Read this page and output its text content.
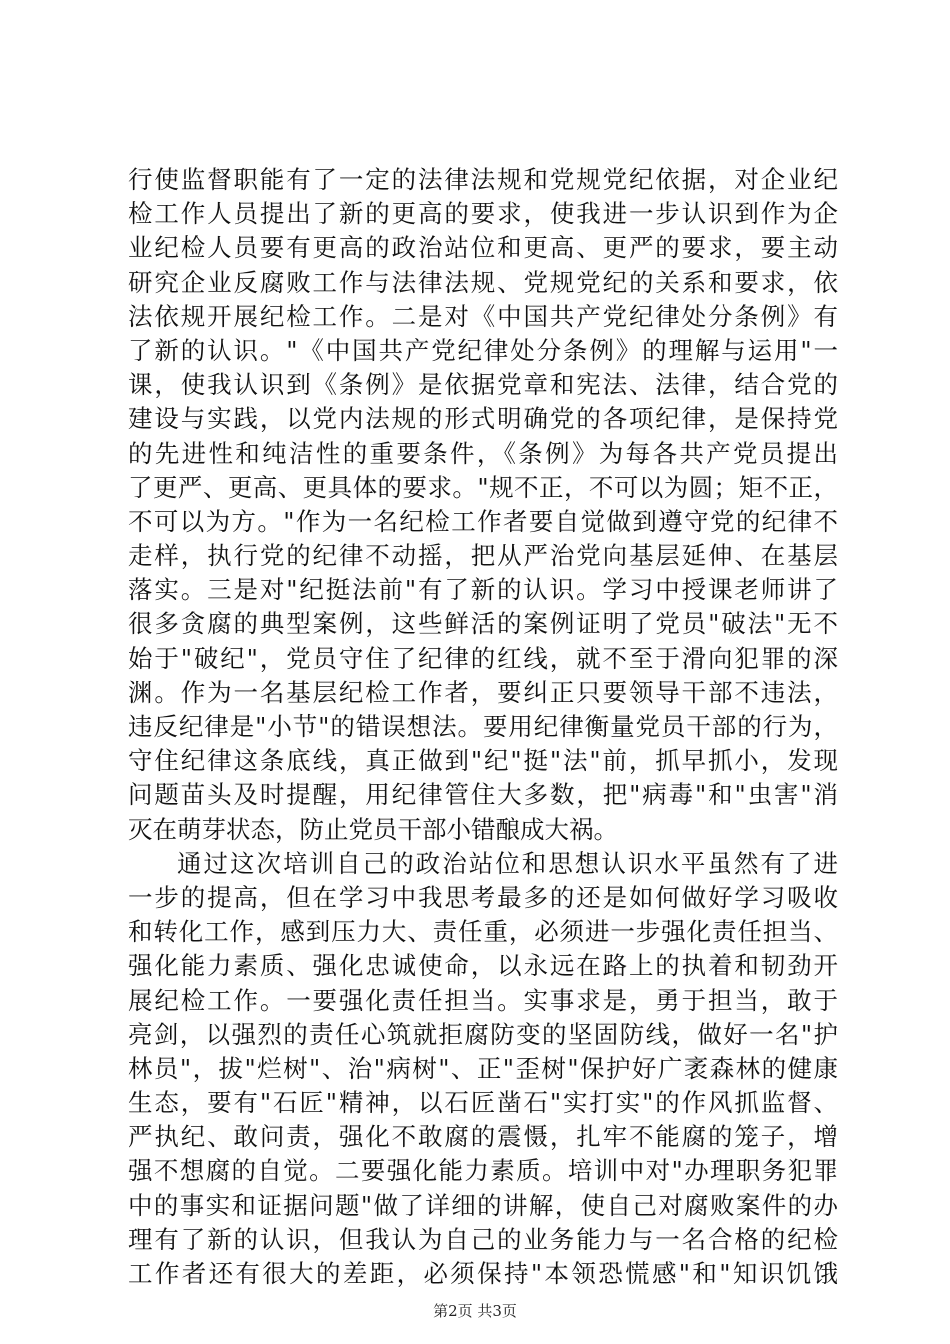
行使监督职能有了一定的法律法规和党规党纪依据，对企业纪
检工作人员提出了新的更高的要求，使我进一步认识到作为企
业纪检人员要有更高的政治站位和更高、更严的要求，要主动
研究企业反腐败工作与法律法规、党规党纪的关系和要求，依
法依规开展纪检工作。二是对《中国共产党纪律处分条例》有
了新的认识。"《中国共产党纪律处分条例》的理解与运用"一
课，使我认识到《条例》是依据党章和宪法、法律，结合党的
建设与实践，以党内法规的形式明确党的各项纪律，是保持党
的先进性和纯洁性的重要条件，《条例》为每各共产党员提出
了更严、更高、更具体的要求。"规不正，不可以为圆；矩不正，
不可以为方。"作为一名纪检工作者要自觉做到遵守党的纪律不
走样，执行党的纪律不动摇，把从严治党向基层延伸、在基层
落实。三是对"纪挺法前"有了新的认识。学习中授课老师讲了
很多贪腐的典型案例，这些鲜活的案例证明了党员"破法"无不
始于"破纪"，党员守住了纪律的红线，就不至于滑向犯罪的深
渊。作为一名基层纪检工作者，要纠正只要领导干部不违法，
违反纪律是"小节"的错误想法。要用纪律衡量党员干部的行为，
守住纪律这条底线，真正做到"纪"挺"法"前，抓早抓小，发现
问题苗头及时提醒，用纪律管住大多数，把"病毒"和"虫害"消
灭在萌芽状态，防止党员干部小错酿成大祸。
通过这次培训自己的政治站位和思想认识水平虽然有了进
一步的提高，但在学习中我思考最多的还是如何做好学习吸收
和转化工作，感到压力大、责任重，必须进一步强化责任担当、
强化能力素质、强化忠诚使命，以永远在路上的执着和韧劲开
展纪检工作。一要强化责任担当。实事求是，勇于担当，敢于
亮剑，以强烈的责任心筑就拒腐防变的坚固防线，做好一名"护
林员"，拔"烂树"、治"病树"、正"歪树"保护好广袤森林的健康
生态，要有"石匠"精神，以石匠凿石"实打实"的作风抓监督、
严执纪、敢问责，强化不敢腐的震慑，扎牢不能腐的笼子，增
强不想腐的自觉。二要强化能力素质。培训中对"办理职务犯罪
中的事实和证据问题"做了详细的讲解，使自己对腐败案件的办
理有了新的认识，但我认为自己的业务能力与一名合格的纪检
工作者还有很大的差距，必须保持"本领恐慌感"和"知识饥饿
第2页 共3页
